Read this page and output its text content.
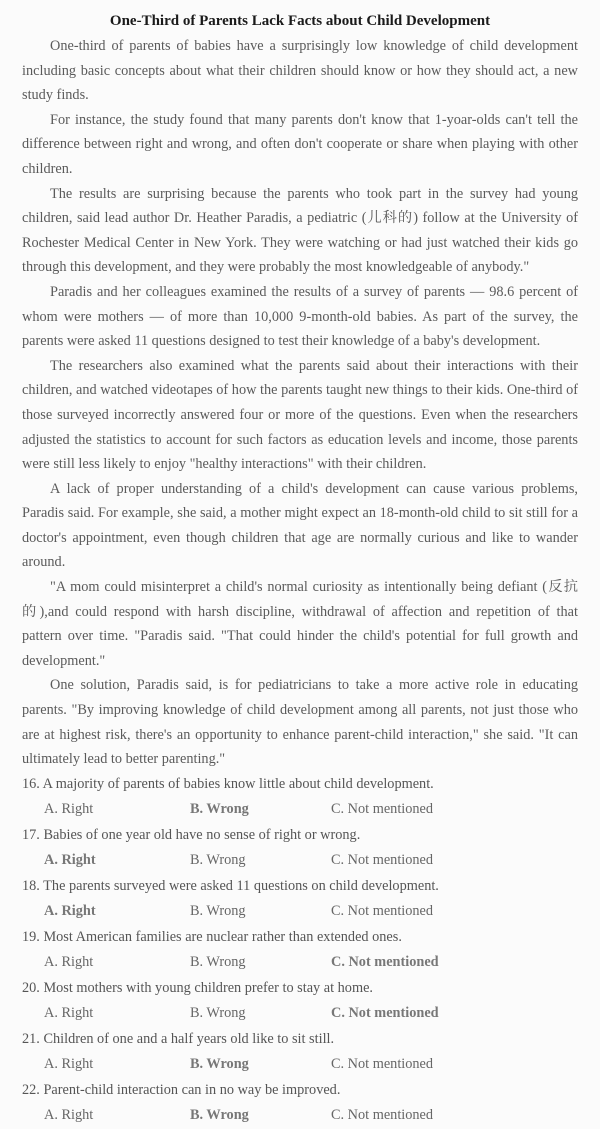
One-Third of Parents Lack Facts about Child Development

One-third of parents of babies have a surprisingly low knowledge of child development including basic concepts about what their children should know or how they should act, a new study finds.

For instance, the study found that many parents don't know that 1-yoar-olds can't tell the difference between right and wrong, and often don't cooperate or share when playing with other children.

The results are surprising because the parents who took part in the survey had young children, said lead author Dr. Heather Paradis, a pediatric (儿科的) follow at the University of Rochester Medical Center in New York. They were watching or had just watched their kids go through this development, and they were probably the most knowledgeable of anybody."

Paradis and her colleagues examined the results of a survey of parents — 98.6 percent of whom were mothers — of more than 10,000 9-month-old babies. As part of the survey, the parents were asked 11 questions designed to test their knowledge of a baby's development.

The researchers also examined what the parents said about their interactions with their children, and watched videotapes of how the parents taught new things to their kids. One-third of those surveyed incorrectly answered four or more of the questions. Even when the researchers adjusted the statistics to account for such factors as education levels and income, those parents were still less likely to enjoy "healthy interactions" with their children.

A lack of proper understanding of a child's development can cause various problems, Paradis said. For example, she said, a mother might expect an 18-month-old child to sit still for a doctor's appointment, even though children that age are normally curious and like to wander around.

"A mom could misinterpret a child's normal curiosity as intentionally being defiant (反抗的),and could respond with harsh discipline, withdrawal of affection and repetition of that pattern over time. "Paradis said. "That could hinder the child's potential for full growth and development."

One solution, Paradis said, is for pediatricians to take a more active role in educating parents. "By improving knowledge of child development among all parents, not just those who are at highest risk, there's an opportunity to enhance parent-child interaction," she said. "It can ultimately lead to better parenting."

16. A majority of parents of babies know little about child development.

A. Right	B. Wrong	C. Not mentioned

17. Babies of one year old have no sense of right or wrong.

A. Right	B. Wrong	C. Not mentioned

18. The parents surveyed were asked 11 questions on child development.

A. Right	B. Wrong	C. Not mentioned

19. Most American families are nuclear rather than extended ones.

A. Right	B. Wrong	C. Not mentioned

20. Most mothers with young children prefer to stay at home.

A. Right	B. Wrong	C. Not mentioned

21. Children of one and a half years old like to sit still.

A. Right	B. Wrong	C. Not mentioned

22. Parent-child interaction can in no way be improved.

A. Right	B. Wrong	C. Not mentioned
